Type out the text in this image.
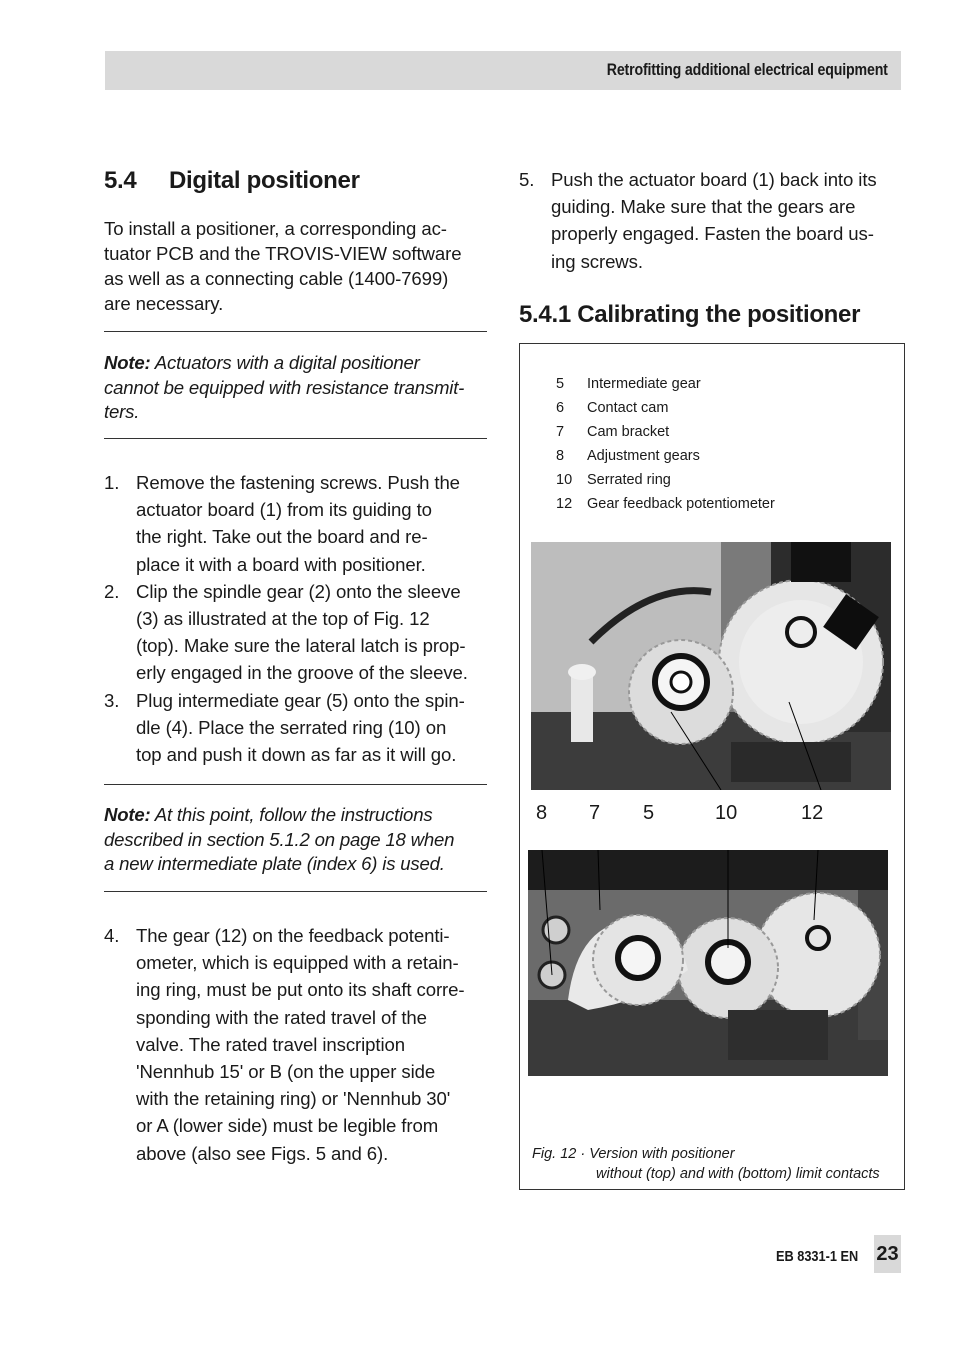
Retrofitting additional electrical equipment
5.4 Digital positioner
To install a positioner, a corresponding ac-
tuator PCB and the TROVIS-VIEW software
as well as a connecting cable (1400-7699)
are necessary.
Note: Actuators with a digital positioner
cannot be equipped with resistance transmit-
ters.
1. Remove the fastening screws. Push the
actuator board (1) from its guiding to
the right. Take out the board and re-
place it with a board with positioner.
2. Clip the spindle gear (2) onto the sleeve
(3) as illustrated at the top of Fig. 12
(top). Make sure the lateral latch is prop-
erly engaged in the groove of the sleeve.
3. Plug intermediate gear (5) onto the spin-
dle (4). Place the serrated ring (10) on
top and push it down as far as it will go.
Note: At this point, follow the instructions
described in section 5.1.2 on page 18 when
a new intermediate plate (index 6) is used.
4. The gear (12) on the feedback potenti-
ometer, which is equipped with a retain-
ing ring, must be put onto its shaft corre-
sponding with the rated travel of the
valve. The rated travel inscription
'Nennhub 15' or B (on the upper side
with the retaining ring) or 'Nennhub 30'
or A (lower side) must be legible from
above (also see Figs. 5 and 6).
5. Push the actuator board (1) back into its
guiding. Make sure that the gears are
properly engaged. Fasten the board us-
ing screws.
5.4.1 Calibrating the positioner
5	Intermediate gear
6	Contact cam
7	Cam bracket
8	Adjustment gears
10	Serrated ring
12	Gear feedback potentiometer
8 7 5	10	12
Fig. 12 · Version with positioner
without (top) and with (bottom) limit contacts
EB 8331-1 EN 23
